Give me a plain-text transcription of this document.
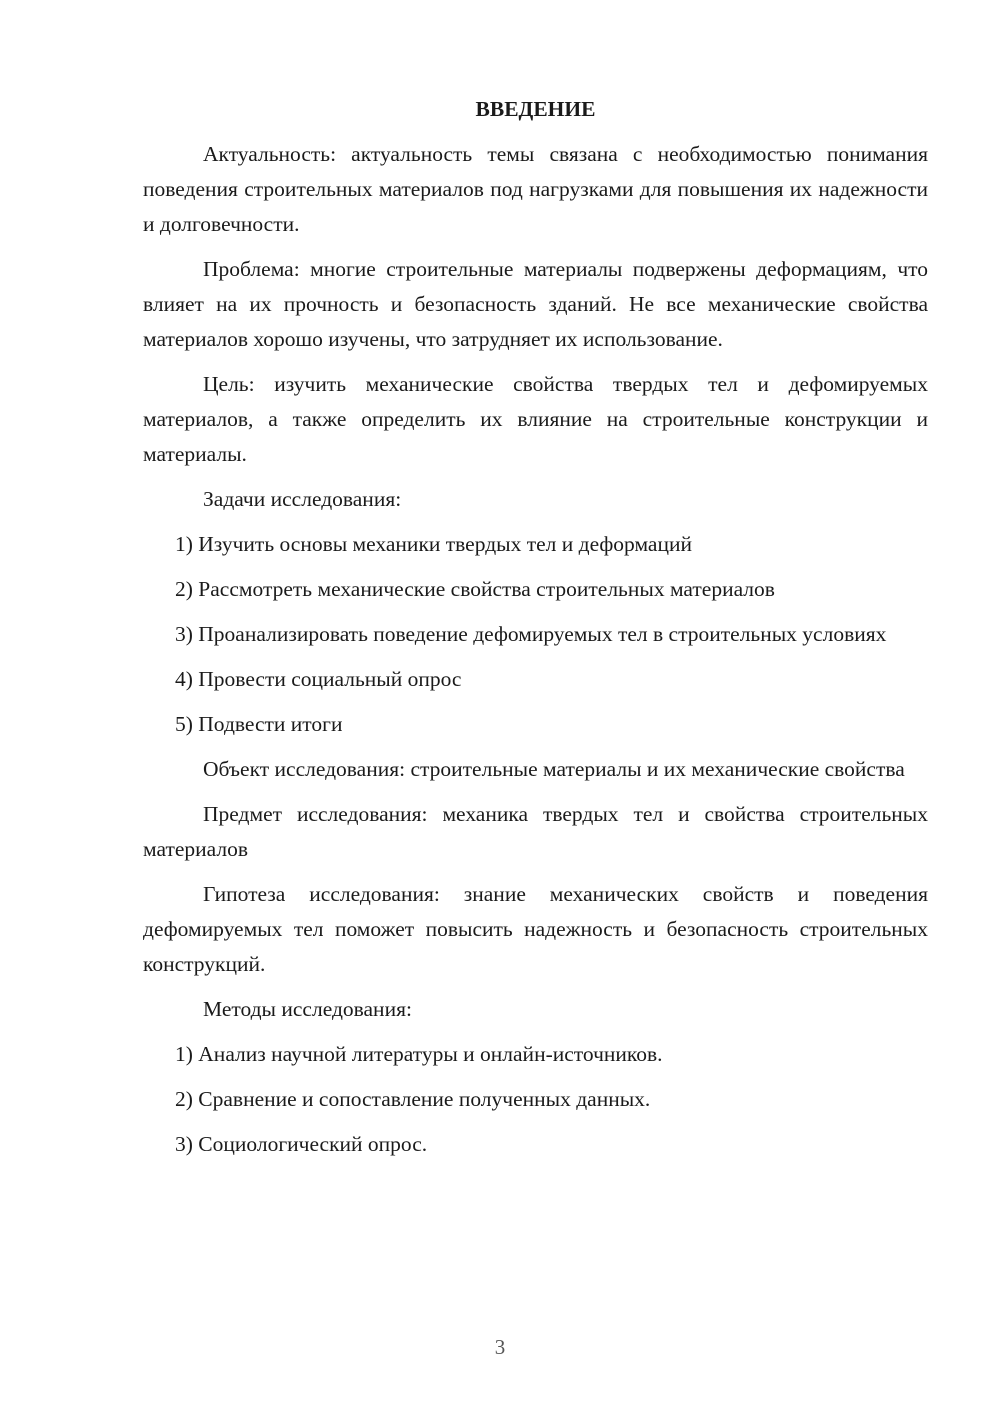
ВВЕДЕНИЕ

Актуальность: актуальность темы связана с необходимостью понимания поведения строительных материалов под нагрузками для повышения их надежности и долговечности.

Проблема: многие строительные материалы подвержены деформациям, что влияет на их прочность и безопасность зданий. Не все механические свойства материалов хорошо изучены, что затрудняет их использование.

Цель: изучить механические свойства твердых тел и дефомируемых материалов, а также определить их влияние на строительные конструкции и материалы.

Задачи исследования:

1) Изучить основы механики твердых тел и деформаций

2) Рассмотреть механические свойства строительных материалов

3) Проанализировать поведение дефомируемых тел в строительных условиях

4) Провести социальный опрос

5) Подвести итоги

Объект исследования: строительные материалы и их механические свойства

Предмет исследования: механика твердых тел и свойства строительных материалов

Гипотеза исследования: знание механических свойств и поведения дефомируемых тел поможет повысить надежность и безопасность строительных конструкций.

Методы исследования:

1) Анализ научной литературы и онлайн-источников.

2) Сравнение и сопоставление полученных данных.

3) Социологический опрос.

3
